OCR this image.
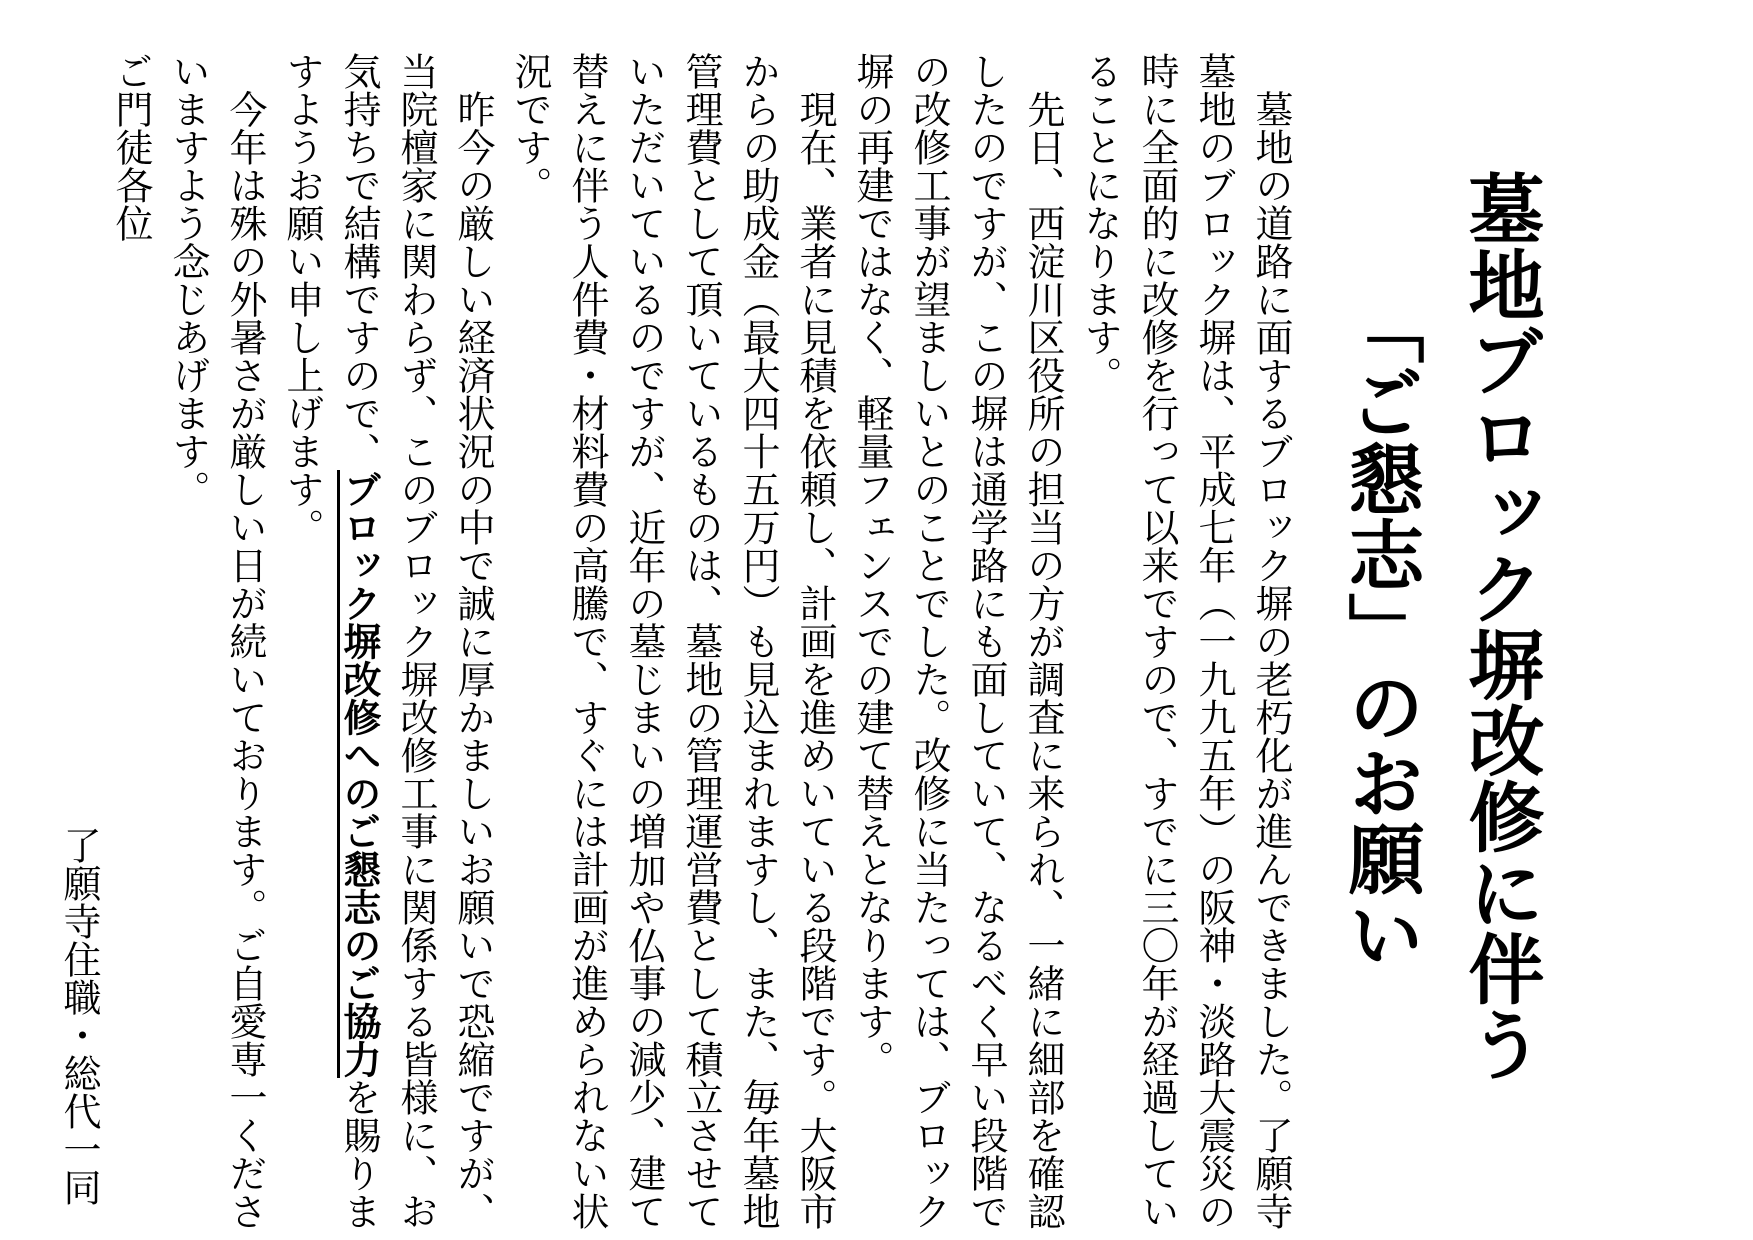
墓地ブロック塀改修に伴う
「ご懇志」のお願い
墓地の道路に面するブロック塀の老朽化が進んできました。了願寺
墓地のブロック塀は、平成七年（一九九五年）の阪神・淡路大震災の
時に全面的に改修を行って以来ですので、すでに三〇年が経過してい
ることになります。
先日、西淀川区役所の担当の方が調査に来られ、一緒に細部を確認
したのですが、この塀は通学路にも面していて、なるべく早い段階で
の改修工事が望ましいとのことでした。改修に当たっては、ブロック
塀の再建ではなく、軽量フェンスでの建て替えとなります。
現在、業者に見積を依頼し、計画を進めいている段階です。大阪市
からの助成金（最大四十五万円）も見込まれますし、また、毎年墓地
管理費として頂いているものは、墓地の管理運営費として積立させて
いただいているのですが、近年の墓じまいの増加や仏事の減少、建て
替えに伴う人件費・材料費の高騰で、すぐには計画が進められない状
況です。
昨今の厳しい経済状況の中で誠に厚かましいお願いで恐縮ですが、
当院檀家に関わらず、このブロック塀改修工事に関係する皆様に、お
気持ちで結構ですので、ブロック塀改修へのご懇志のご協力を賜りま
すようお願い申し上げます。
今年は殊の外暑さが厳しい日が続いております。ご自愛専一くださ
いますよう念じあげます。
ご門徒各位
了願寺住職・総代一同
